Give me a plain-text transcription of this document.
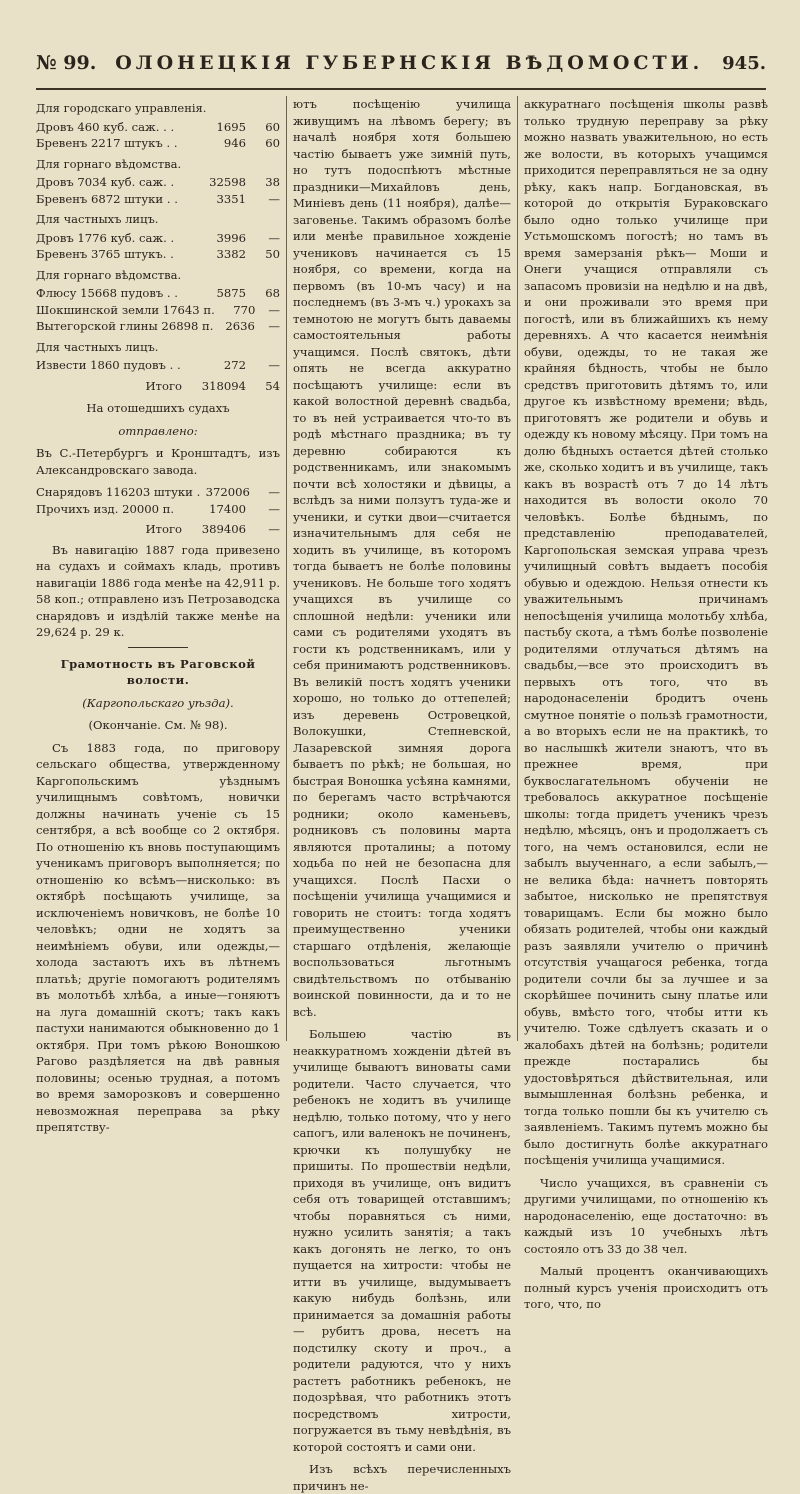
№ 99. ОЛОНЕЦКІЯ ГУБЕРНСКІЯ ВѢДОМОСТИ. 945.
Для городскаго управленія.
Дровъ 460 куб. саж. . .	1695	60
Бревенъ 2217 штукъ . .	946	60
Для горнаго вѣдомства.
Дровъ 7034 куб. саж. .	32598	38
Бревенъ 6872 штуки . .	3351	—
Для частныхъ лицъ.
Дровъ 1776 куб. саж. .	3996	—
Бревенъ 3765 штукъ. .	3382	50
Для горнаго вѣдомства.
Флюсу 15668 пудовъ . .	5875	68
Шокшинской земли 17643 п.	770	—
Вытегорской глины 26898 п.	2636	—
Для частныхъ лицъ.
Извести 1860 пудовъ . .	272	—
Итого	318094	54
На отошедшихъ судахъ
отправлено:
Въ С.-Петербургъ и Кронштадтъ, изъ Александровскаго завода.
Снарядовъ 116203 штуки . 372006	—
Прочихъ изд. 20000 п.	17400	—
Итого	389406	—

Въ навигацію 1887 года привезено на судахъ и соймахъ кладь, противъ навигаціи 1886 года менѣе на 42,911 р. 58 коп.; отправлено изъ Петрозаводска снарядовъ и издѣлій также менѣе на 29,624 р. 29 к.

Грамотность въ Раговской волости.
(Каргопольскаго уѣзда).
(Окончаніе. См. № 98).

Съ 1883 года, по приговору сельскаго общества, утвержденному Каргопольскимъ уѣзднымъ училищнымъ совѣтомъ, новички должны начинать ученіе съ 15 сентября, а всѣ вообще со 2 октября. По отношенію къ вновь поступающимъ ученикамъ приговоръ выполняется; по отношенію ко всѣмъ—нисколько: въ октябрѣ посѣщають училище, за исключеніемъ новичковъ, не болѣе 10 человѣкъ; одни не ходятъ за неимѣніемъ обуви, или одежды,—холода застаютъ ихъ въ лѣтнемъ платьѣ; другіе помогаютъ родителямъ въ молотьбѣ хлѣба, а иные—гоняютъ на луга домашній скотъ; такъ какъ пастухи нанимаются обыкновенно до 1 октября. При томъ рѣкою Воношкою Рагово раздѣляется на двѣ равныя половины; осенью трудная, а потомъ во время заморозковъ и совершенно невозможная переправа за рѣку препятству-

ютъ посѣщенію училища живущимъ на лѣвомъ берегу; въ началѣ ноября хотя большею частію бываетъ уже зимній путь, но тутъ подоспѣютъ мѣстные праздники—Михайловъ день, Миніевъ день (11 ноября), далѣе—заговенье. Такимъ образомъ болѣе или менѣе правильное хожденіе учениковъ начинается съ 15 ноября, со времени, когда на первомъ (въ 10-мъ часу) и на последнемъ (въ 3-мъ ч.) урокахъ за темнотою не могутъ быть даваемы самостоятельныя работы учащимся. Послѣ святокъ, дѣти опять не всегда аккуратно посѣщаютъ училище: если въ какой волостной деревнѣ свадьба, то въ ней устраивается что-то въ родѣ мѣстнаго праздника; въ ту деревню собираются къ родственникамъ, или знакомымъ почти всѣ холостяки и дѣвицы, а вслѣдъ за ними ползутъ туда-же и ученики, и сутки двои—считается изначительнымъ для себя не ходить въ училище, въ которомъ тогда бываетъ не болѣе половины учениковъ. Не больше того ходятъ учащихся въ училище со сплошной недѣли: ученики или сами съ родителями уходятъ въ гости къ родственникамъ, или у себя принимаютъ родственниковъ. Въ великій постъ ходятъ ученики хорошо, но только до оттепелей; изъ деревень Островецкой, Волокушки, Степневской, Лазаревской зимняя дорога бываетъ по рѣкѣ; не большая, но быстрая Воношка усѣяна камнями, по берегамъ часто встрѣчаются родники; около каменьевъ, родниковъ съ половины марта являются проталины; а потому ходьба по ней не безопасна для учащихся. Послѣ Пасхи о посѣщеніи училища учащимися и говорить не стоитъ: тогда ходятъ преимущественно ученики старшаго отдѣленія, желающіе воспользоваться льготнымъ свидѣтельствомъ по отбыванію воинской повинности, да и то не всѣ.

Большею частію въ неаккуратномъ хожденіи дѣтей въ училище бываютъ виноваты сами родители. Часто случается, что ребенокъ не ходитъ въ училище недѣлю, только потому, что у него сапогъ, или валенокъ не починенъ, крючки къ полушубку не пришиты. По прошествіи недѣли, приходя въ училище, онъ видитъ себя отъ товарищей отставшимъ; чтобы поравняться съ ними, нужно усилить занятія; а такъ какъ догонять не легко, то онъ пущается на хитрости: чтобы не итти въ училище, выдумываетъ какую нибудь болѣзнь, или принимается за домашнія работы — рубитъ дрова, несетъ на подстилку скоту и проч., а родители радуются, что у нихъ растетъ работникъ ребенокъ, не подозрѣвая, что работникъ этотъ посредствомъ хитрости, погружается въ тьму невѣдѣнія, въ которой состоятъ и сами они.

Изъ всѣхъ перечисленныхъ причинъ не-

аккуратнаго посѣщенія школы развѣ только трудную переправу за рѣку можно назвать уважительною, но есть же волости, въ которыхъ учащимся приходится переправляться не за одну рѣку, какъ напр. Богдановская, въ которой до открытія Бураковскаго было одно только училище при Устьмошскомъ погостѣ; но тамъ въ время замерзанія рѣкъ— Моши и Онеги учащися отправляли съ запасомъ провизіи на недѣлю и на двѣ, и они проживали это время при погостѣ, или въ ближайшихъ къ нему деревняхъ. А что касается неимѣнія обуви, одежды, то не такая же крайняя бѣдность, чтобы не было средствъ приготовить дѣтямъ то, или другое къ извѣстному времени; вѣдь, приготовятъ же родители и обувь и одежду къ новому мѣсяцу. При томъ на долю бѣдныхъ остается дѣтей столько же, сколько ходитъ и въ училище, такъ какъ въ возрастѣ отъ 7 до 14 лѣтъ находится въ волости около 70 человѣкъ. Болѣе бѣднымъ, по представленію преподавателей, Каргопольская земская управа чрезъ училищный совѣтъ выдаетъ пособія обувью и одеждою. Нельзя отнести къ уважительнымъ причинамъ непосѣщенія училища молотьбу хлѣба, пастьбу скота, а тѣмъ болѣе позволеніе родителями отлучаться дѣтямъ на свадьбы,—все это происходитъ въ первыхъ отъ того, что въ народонаселеніи бродитъ очень смутное понятіе о пользѣ грамотности, а во вторыхъ если не на практикѣ, то во наслышкѣ жители знаютъ, что въ прежнее время, при буквослагательномъ обученіи не требовалось аккуратное посѣщеніе школы: тогда придетъ ученикъ чрезъ недѣлю, мѣсяцъ, онъ и продолжаетъ съ того, на чемъ остановился, если не забылъ выученнаго, а если забылъ,— не велика бѣда: начнетъ повторять забытое, нисколько не препятствуя товарищамъ. Если бы можно было обязать родителей, чтобы они каждый разъ заявляли учителю о причинѣ отсутствія учащагося ребенка, тогда родители сочли бы за лучшее и за скорѣйшее починить сыну платье или обувь, вмѣсто того, чтобы итти къ учителю. Тоже сдѣлуетъ сказать и о жалобахъ дѣтей на болѣзнь; родители прежде постарались бы удостовѣряться дѣйствительная, или вымышленная болѣзнь ребенка, и тогда только пошли бы къ учителю съ заявленіемъ. Такимъ путемъ можно бы было достигнуть болѣе аккуратнаго посѣщенія училища учащимися.

Число учащихся, въ сравненіи съ другими училищами, по отношенію къ народонаселенію, еще достаточно: въ каждый изъ 10 учебныхъ лѣтъ состояло отъ 33 до 38 чел.

Малый процентъ оканчивающихъ полный курсъ ученія происходитъ отъ того, что, по
